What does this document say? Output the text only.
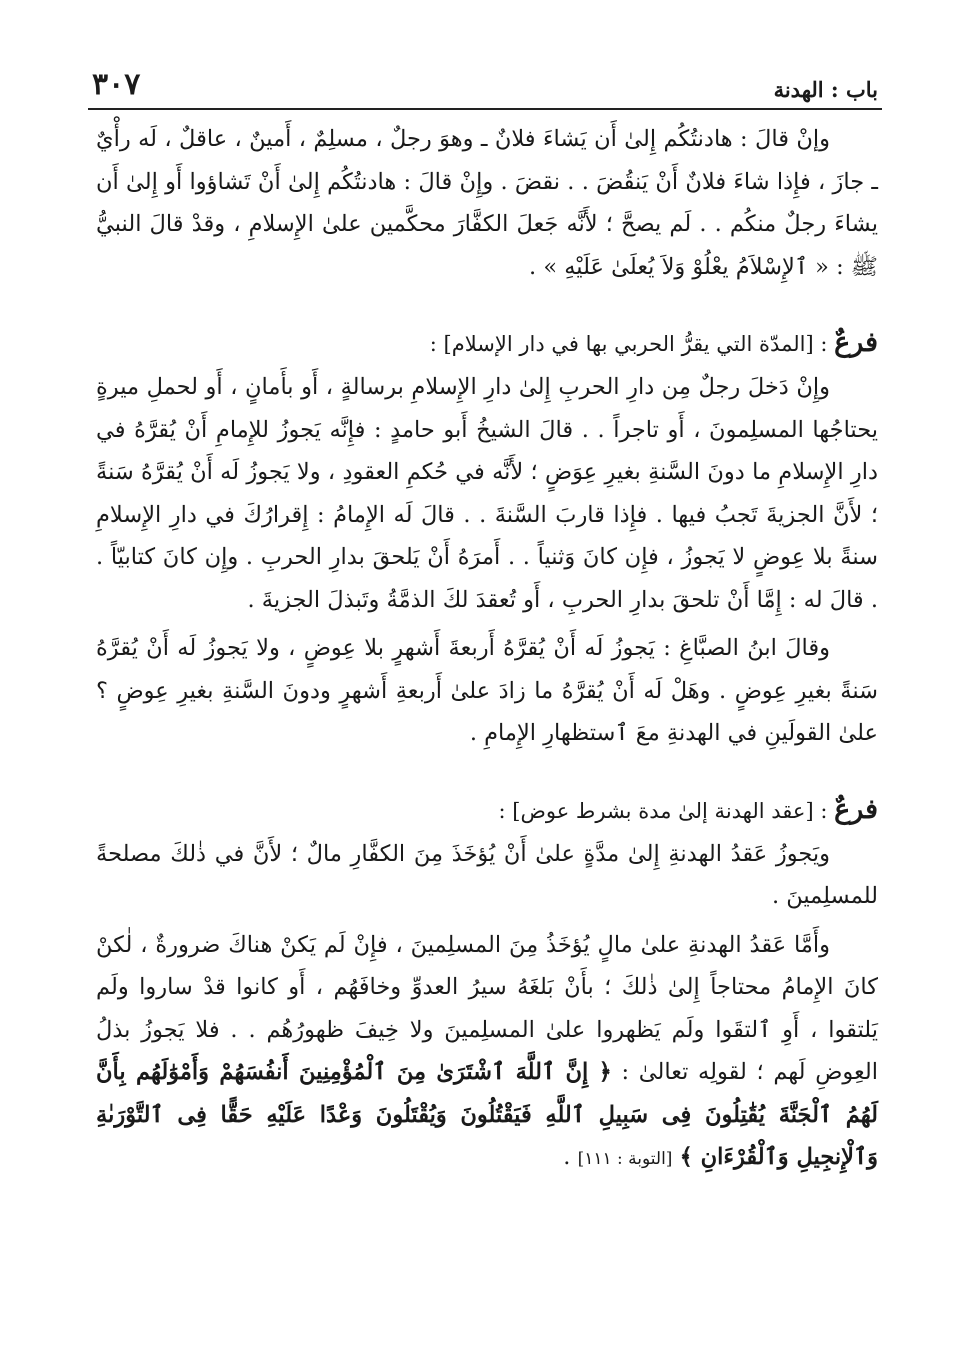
باب : الهدنة
٣٠٧

وإنْ قالَ : هادنتُكُم إِلىٰ أَن يَشاءَ فلانٌ ـ وهوَ رجلٌ ، مسلِمٌ ، أَمينٌ ، عاقلٌ ، لَه رأْيٌ ـ جازَ ، فإِذا شاءَ فلانٌ أَنْ يَنقُضَ . . نقضَ . وإِنْ قالَ : هادنتُكُم إِلىٰ أَنْ تَشاؤوا أَو إِلىٰ أَن يشاءَ رجلٌ منكُم . . لَم يصحَّ ؛ لأَنَّه جَعلَ الكفَّارَ محكَّمين علىٰ الإِسلامِ ، وقدْ قالَ النبيُّ ﷺ : « ٱلإِسْلاَمُ يعْلُوْ وَلاَ يُعلَىٰ عَلَيْهِ » .

فرعٌ : [المدّة التي يقرُّ الحربي بها في دار الإسلام] :

وإِنْ دَخلَ رجلٌ مِن دارِ الحربِ إِلىٰ دارِ الإِسلامِ برسالةٍ ، أَو بأَمانٍ ، أَو لحملِ ميرةٍ يحتاجُها المسلِمونَ ، أَو تاجراً . . قالَ الشيخُ أَبو حامدٍ : فإِنَّه يَجوزُ للإِمامِ أَنْ يُقرَّهُ في دارِ الإِسلامِ ما دونَ السَّنةِ بغيرِ عِوَضٍ ؛ لأَنَّه في حُكمِ العقودِ ، ولا يَجوزُ لَه أَنْ يُقرَّهُ سَنةً ؛ لأَنَّ الجزيةَ تَجبُ فيها . فإِذا قاربَ السَّنةَ . . قالَ لَه الإِمامُ : إِقرارُكَ في دارِ الإِسلامِ سنةً بلا عِوضٍ لا يَجوزُ ، فإِن كانَ وَثنياً . . أَمرَهُ أَنْ يَلحقَ بدارِ الحربِ . وإِن كانَ كتابيّاً . . قالَ له : إِمَّا أَنْ تلحقَ بدارِ الحربِ ، أَو تُعقدَ لكَ الذمَّةُ وتَبذلَ الجزيةَ .

وقالَ ابنُ الصبَّاغِ : يَجوزُ لَه أَنْ يُقرَّهُ أَربعةَ أَشهرٍ بلا عِوضٍ ، ولا يَجوزُ لَه أَنْ يُقرَّهُ سَنةً بغيرِ عِوضٍ . وهَلْ لَه أَنْ يُقرَّهُ ما زادَ علىٰ أَربعةِ أَشهرٍ ودونَ السَّنةِ بغيرِ عِوضٍ ؟ علىٰ القولَينِ في الهدنةِ معَ ٱستظهارِ الإِمامِ .

فرعٌ : [عقد الهدنة إلىٰ مدة بشرط عوض] :

ويَجوزُ عَقدُ الهدنةِ إِلىٰ مدَّةٍ علىٰ أَنْ يُؤخَذَ مِنَ الكفَّارِ مالٌ ؛ لأَنَّ في ذٰلكَ مصلحةً للمسلِمينَ .

وأَمَّا عَقدُ الهدنةِ علىٰ مالٍ يُؤخَذُ مِنَ المسلِمينَ ، فإِنْ لَم يَكنْ هناكَ ضرورةٌ ، لٰكنْ كانَ الإِمامُ محتاجاً إِلىٰ ذٰلكَ ؛ بأَنْ بَلغَهُ سيرُ العدوِّ وخافَهُم ، أَو كانوا قدْ ساروا ولَم يَلتقوا ، أَوِ ٱلتقَوا ولَم يَظهروا علىٰ المسلِمينَ ولا خِيفَ ظهورُهُم . . فلا يَجوزُ بذلُ العِوضِ لَهم ؛ لقولِه تعالىٰ : ﴿ إِنَّ ٱللَّهَ ٱشْتَرَىٰ مِنَ ٱلْمُؤْمِنِينَ أَنفُسَهُمْ وَأَمْوَٰلَهُم بِأَنَّ لَهُمُ ٱلْجَنَّةَ يُقَٰتِلُونَ فِى سَبِيلِ ٱللَّهِ فَيَقْتُلُونَ وَيُقْتَلُونَ وَعْدًا عَلَيْهِ حَقًّا فِى ٱلتَّوْرَىٰةِ وَٱلْإِنجِيلِ وَٱلْقُرْءَانِ ﴾ [التوبة : ١١١] .
